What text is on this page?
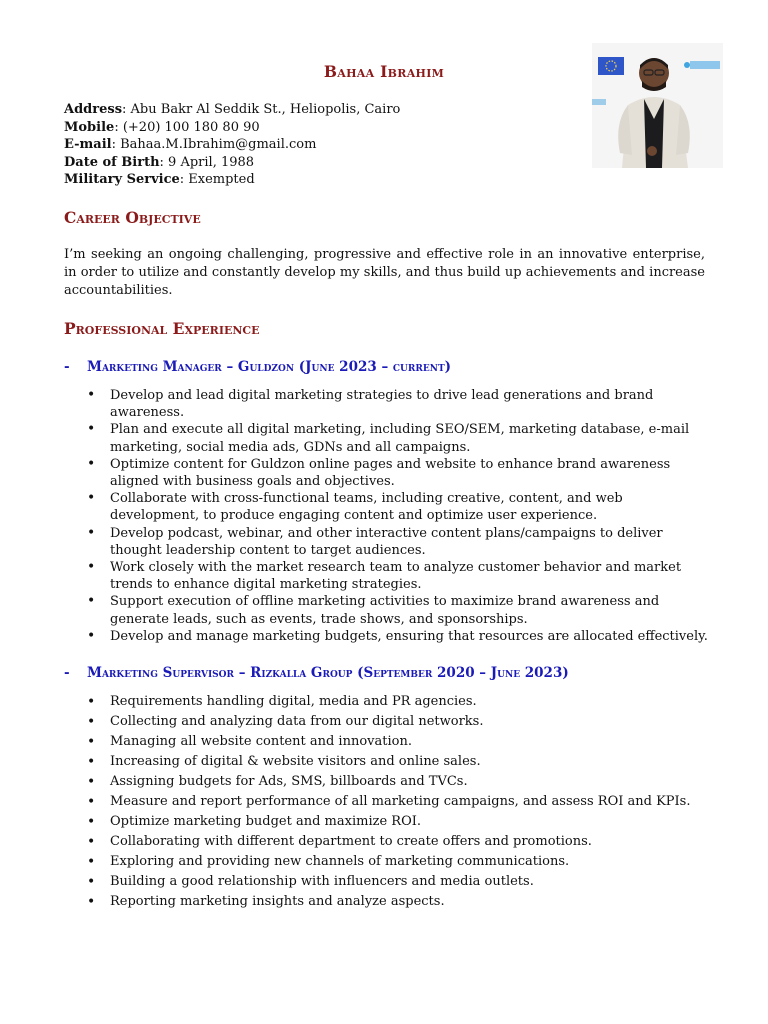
Bahaa Ibrahim
Address: Abu Bakr Al Seddik St., Heliopolis, Cairo
Mobile: (+20) 100 180 80 90
E-mail: Bahaa.M.Ibrahim@gmail.com
Date of Birth: 9 April, 1988
Military Service: Exempted
Career Objective
I’m seeking an ongoing challenging, progressive and effective role in an innovative enterprise, in order to utilize and constantly develop my skills, and thus build up achievements and increase accountabilities.
Professional Experience
- Marketing Manager – Guldzon (June 2023 – current)
• Develop and lead digital marketing strategies to drive lead generations and brand awareness.
• Plan and execute all digital marketing, including SEO/SEM, marketing database, e-mail marketing, social media ads, GDNs and all campaigns.
• Optimize content for Guldzon online pages and website to enhance brand awareness aligned with business goals and objectives.
• Collaborate with cross-functional teams, including creative, content, and web development, to produce engaging content and optimize user experience.
• Develop podcast, webinar, and other interactive content plans/campaigns to deliver thought leadership content to target audiences.
• Work closely with the market research team to analyze customer behavior and market trends to enhance digital marketing strategies.
• Support execution of offline marketing activities to maximize brand awareness and generate leads, such as events, trade shows, and sponsorships.
• Develop and manage marketing budgets, ensuring that resources are allocated effectively.
- Marketing Supervisor – Rizkalla Group (September 2020 – June 2023)
• Requirements handling digital, media and PR agencies.
• Collecting and analyzing data from our digital networks.
• Managing all website content and innovation.
• Increasing of digital & website visitors and online sales.
• Assigning budgets for Ads, SMS, billboards and TVCs.
• Measure and report performance of all marketing campaigns, and assess ROI and KPIs.
• Optimize marketing budget and maximize ROI.
• Collaborating with different department to create offers and promotions.
• Exploring and providing new channels of marketing communications.
• Building a good relationship with influencers and media outlets.
• Reporting marketing insights and analyze aspects.
